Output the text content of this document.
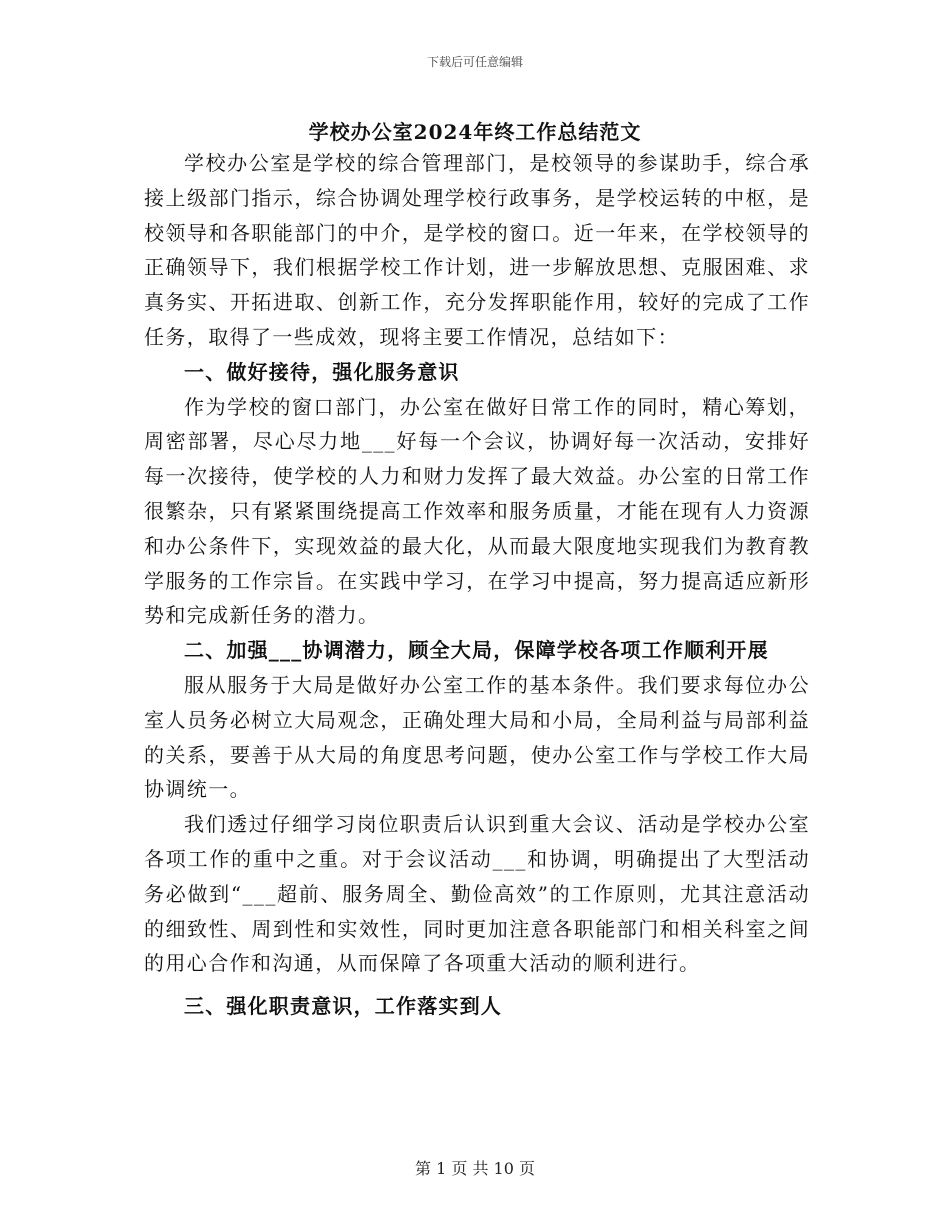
下载后可任意编辑
学校办公室2024年终工作总结范文

学校办公室是学校的综合管理部门，是校领导的参谋助手，综合承接上级部门指示，综合协调处理学校行政事务，是学校运转的中枢，是校领导和各职能部门的中介，是学校的窗口。近一年来，在学校领导的正确领导下，我们根据学校工作计划，进一步解放思想、克服困难、求真务实、开拓进取、创新工作，充分发挥职能作用，较好的完成了工作任务，取得了一些成效，现将主要工作情况，总结如下：

一、做好接待，强化服务意识

作为学校的窗口部门，办公室在做好日常工作的同时，精心筹划，周密部署，尽心尽力地___好每一个会议，协调好每一次活动，安排好每一次接待，使学校的人力和财力发挥了最大效益。办公室的日常工作很繁杂，只有紧紧围绕提高工作效率和服务质量，才能在现有人力资源和办公条件下，实现效益的最大化，从而最大限度地实现我们为教育教学服务的工作宗旨。在实践中学习，在学习中提高，努力提高适应新形势和完成新任务的潜力。

二、加强___协调潜力，顾全大局，保障学校各项工作顺利开展

服从服务于大局是做好办公室工作的基本条件。我们要求每位办公室人员务必树立大局观念，正确处理大局和小局，全局利益与局部利益的关系，要善于从大局的角度思考问题，使办公室工作与学校工作大局协调统一。

我们透过仔细学习岗位职责后认识到重大会议、活动是学校办公室各项工作的重中之重。对于会议活动___和协调，明确提出了大型活动务必做到“___超前、服务周全、勤俭高效”的工作原则，尤其注意活动的细致性、周到性和实效性，同时更加注意各职能部门和相关科室之间的用心合作和沟通，从而保障了各项重大活动的顺利进行。

三、强化职责意识，工作落实到人

第 1 页 共 10 页
